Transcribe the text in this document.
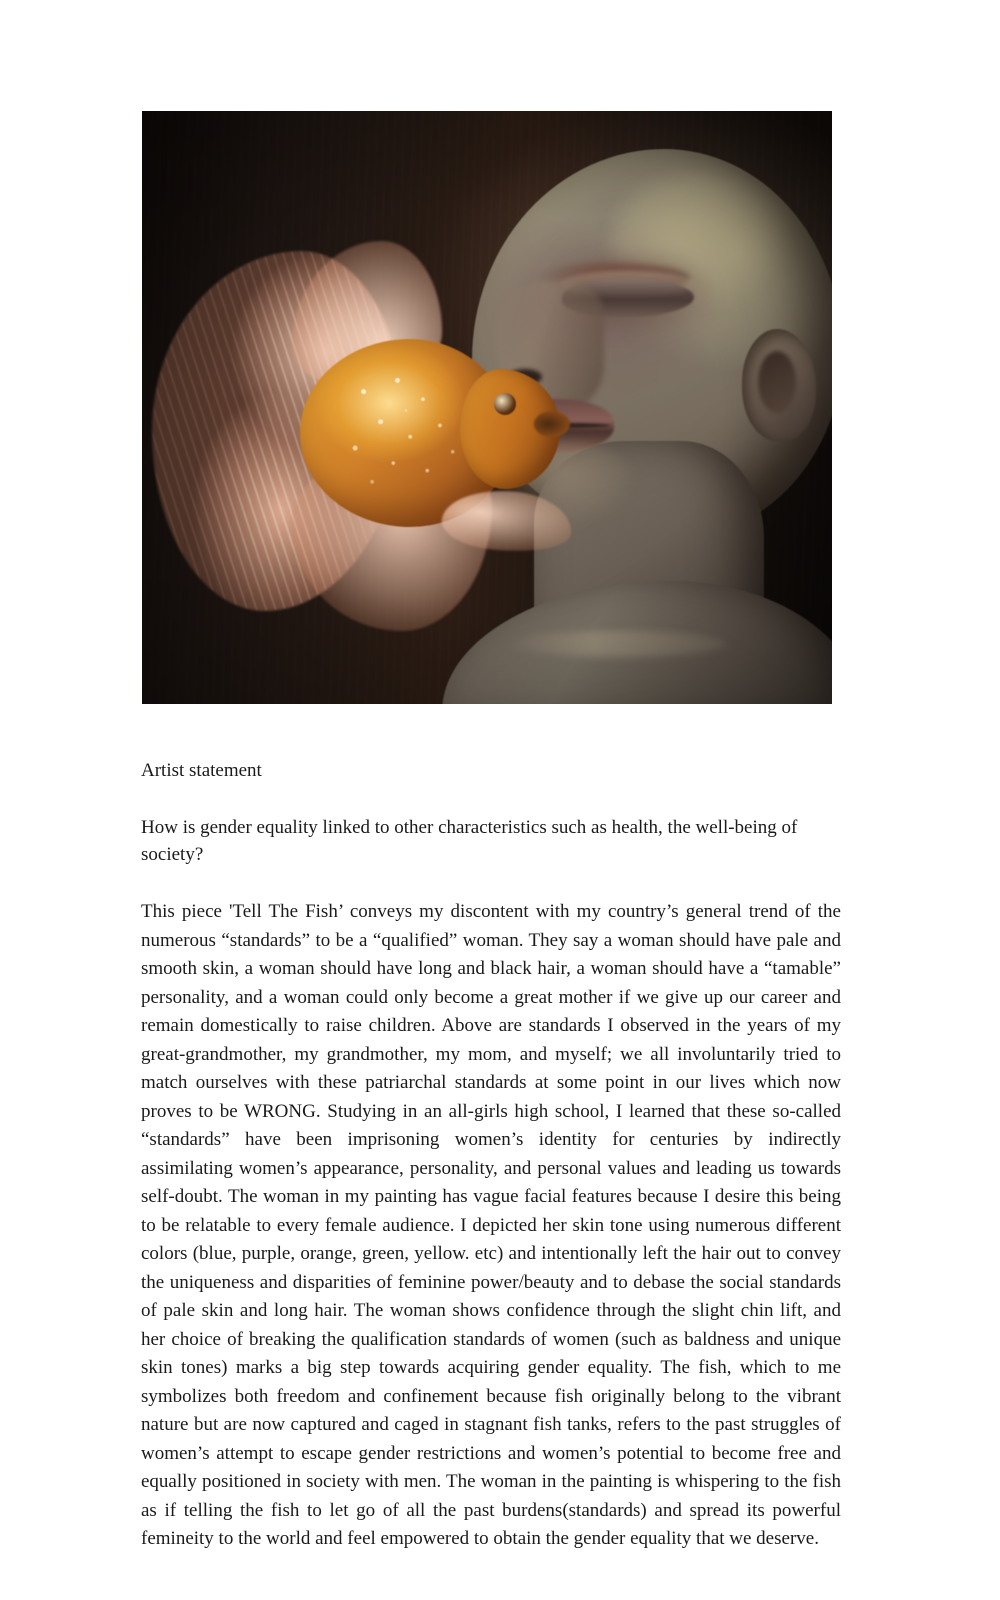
Artist statement

How is gender equality linked to other characteristics such as health, the well-being of society?

This piece 'Tell The Fish’ conveys my discontent with my country’s general trend of the numerous “standards” to be a “qualified” woman. They say a woman should have pale and smooth skin, a woman should have long and black hair, a woman should have a “tamable” personality, and a woman could only become a great mother if we give up our career and remain domestically to raise children. Above are standards I observed in the years of my great-grandmother, my grandmother, my mom, and myself; we all involuntarily tried to match ourselves with these patriarchal standards at some point in our lives which now proves to be WRONG. Studying in an all-girls high school, I learned that these so-called “standards” have been imprisoning women’s identity for centuries by indirectly assimilating women’s appearance, personality, and personal values and leading us towards self-doubt. The woman in my painting has vague facial features because I desire this being to be relatable to every female audience. I depicted her skin tone using numerous different colors (blue, purple, orange, green, yellow. etc) and intentionally left the hair out to convey the uniqueness and disparities of feminine power/beauty and to debase the social standards of pale skin and long hair. The woman shows confidence through the slight chin lift, and her choice of breaking the qualification standards of women (such as baldness and unique skin tones) marks a big step towards acquiring gender equality. The fish, which to me symbolizes both freedom and confinement because fish originally belong to the vibrant nature but are now captured and caged in stagnant fish tanks, refers to the past struggles of women’s attempt to escape gender restrictions and women’s potential to become free and equally positioned in society with men. The woman in the painting is whispering to the fish as if telling the fish to let go of all the past burdens(standards) and spread its powerful femineity to the world and feel empowered to obtain the gender equality that we deserve.
